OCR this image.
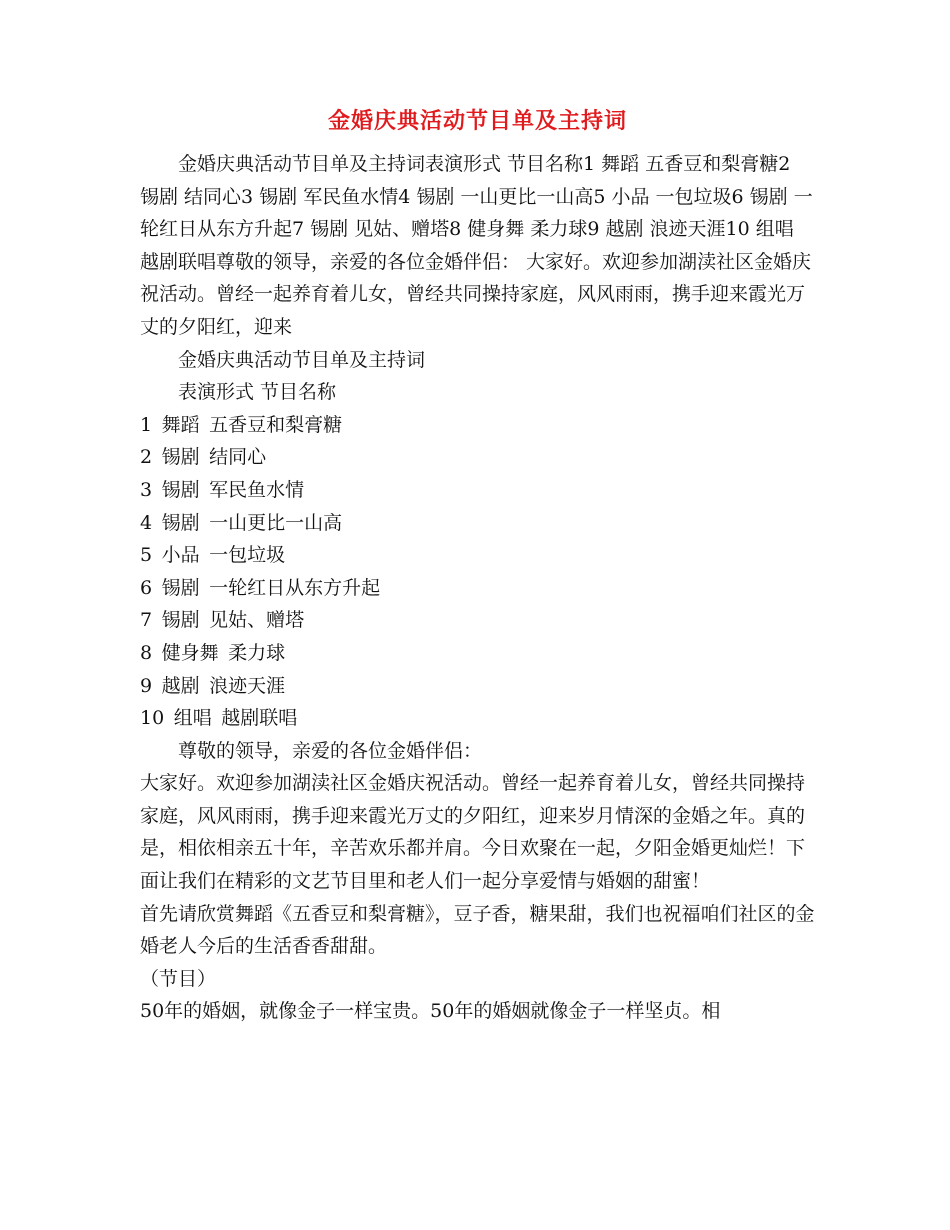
金婚庆典活动节目单及主持词

金婚庆典活动节目单及主持词表演形式 节目名称1 舞蹈 五香豆和梨膏糖2 锡剧 结同心3 锡剧 军民鱼水情4 锡剧 一山更比一山高5 小品 一包垃圾6 锡剧 一轮红日从东方升起7 锡剧 见姑、赠塔8 健身舞 柔力球9 越剧 浪迹天涯10 组唱 越剧联唱尊敬的领导，亲爱的各位金婚伴侣： 大家好。欢迎参加湖渎社区金婚庆祝活动。曾经一起养育着儿女，曾经共同操持家庭，风风雨雨，携手迎来霞光万丈的夕阳红，迎来

金婚庆典活动节目单及主持词

表演形式 节目名称

1 舞蹈 五香豆和梨膏糖
2 锡剧 结同心
3 锡剧 军民鱼水情
4 锡剧 一山更比一山高
5 小品 一包垃圾
6 锡剧 一轮红日从东方升起
7 锡剧 见姑、赠塔
8 健身舞 柔力球
9 越剧 浪迹天涯
10 组唱 越剧联唱

尊敬的领导，亲爱的各位金婚伴侣：

大家好。欢迎参加湖渎社区金婚庆祝活动。曾经一起养育着儿女，曾经共同操持家庭，风风雨雨，携手迎来霞光万丈的夕阳红，迎来岁月情深的金婚之年。真的是，相依相亲五十年，辛苦欢乐都并肩。今日欢聚在一起，夕阳金婚更灿烂！下面让我们在精彩的文艺节目里和老人们一起分享爱情与婚姻的甜蜜！

首先请欣赏舞蹈《五香豆和梨膏糖》，豆子香，糖果甜，我们也祝福咱们社区的金婚老人今后的生活香香甜甜。

（节目）

50年的婚姻，就像金子一样宝贵。50年的婚姻就像金子一样坚贞。相
